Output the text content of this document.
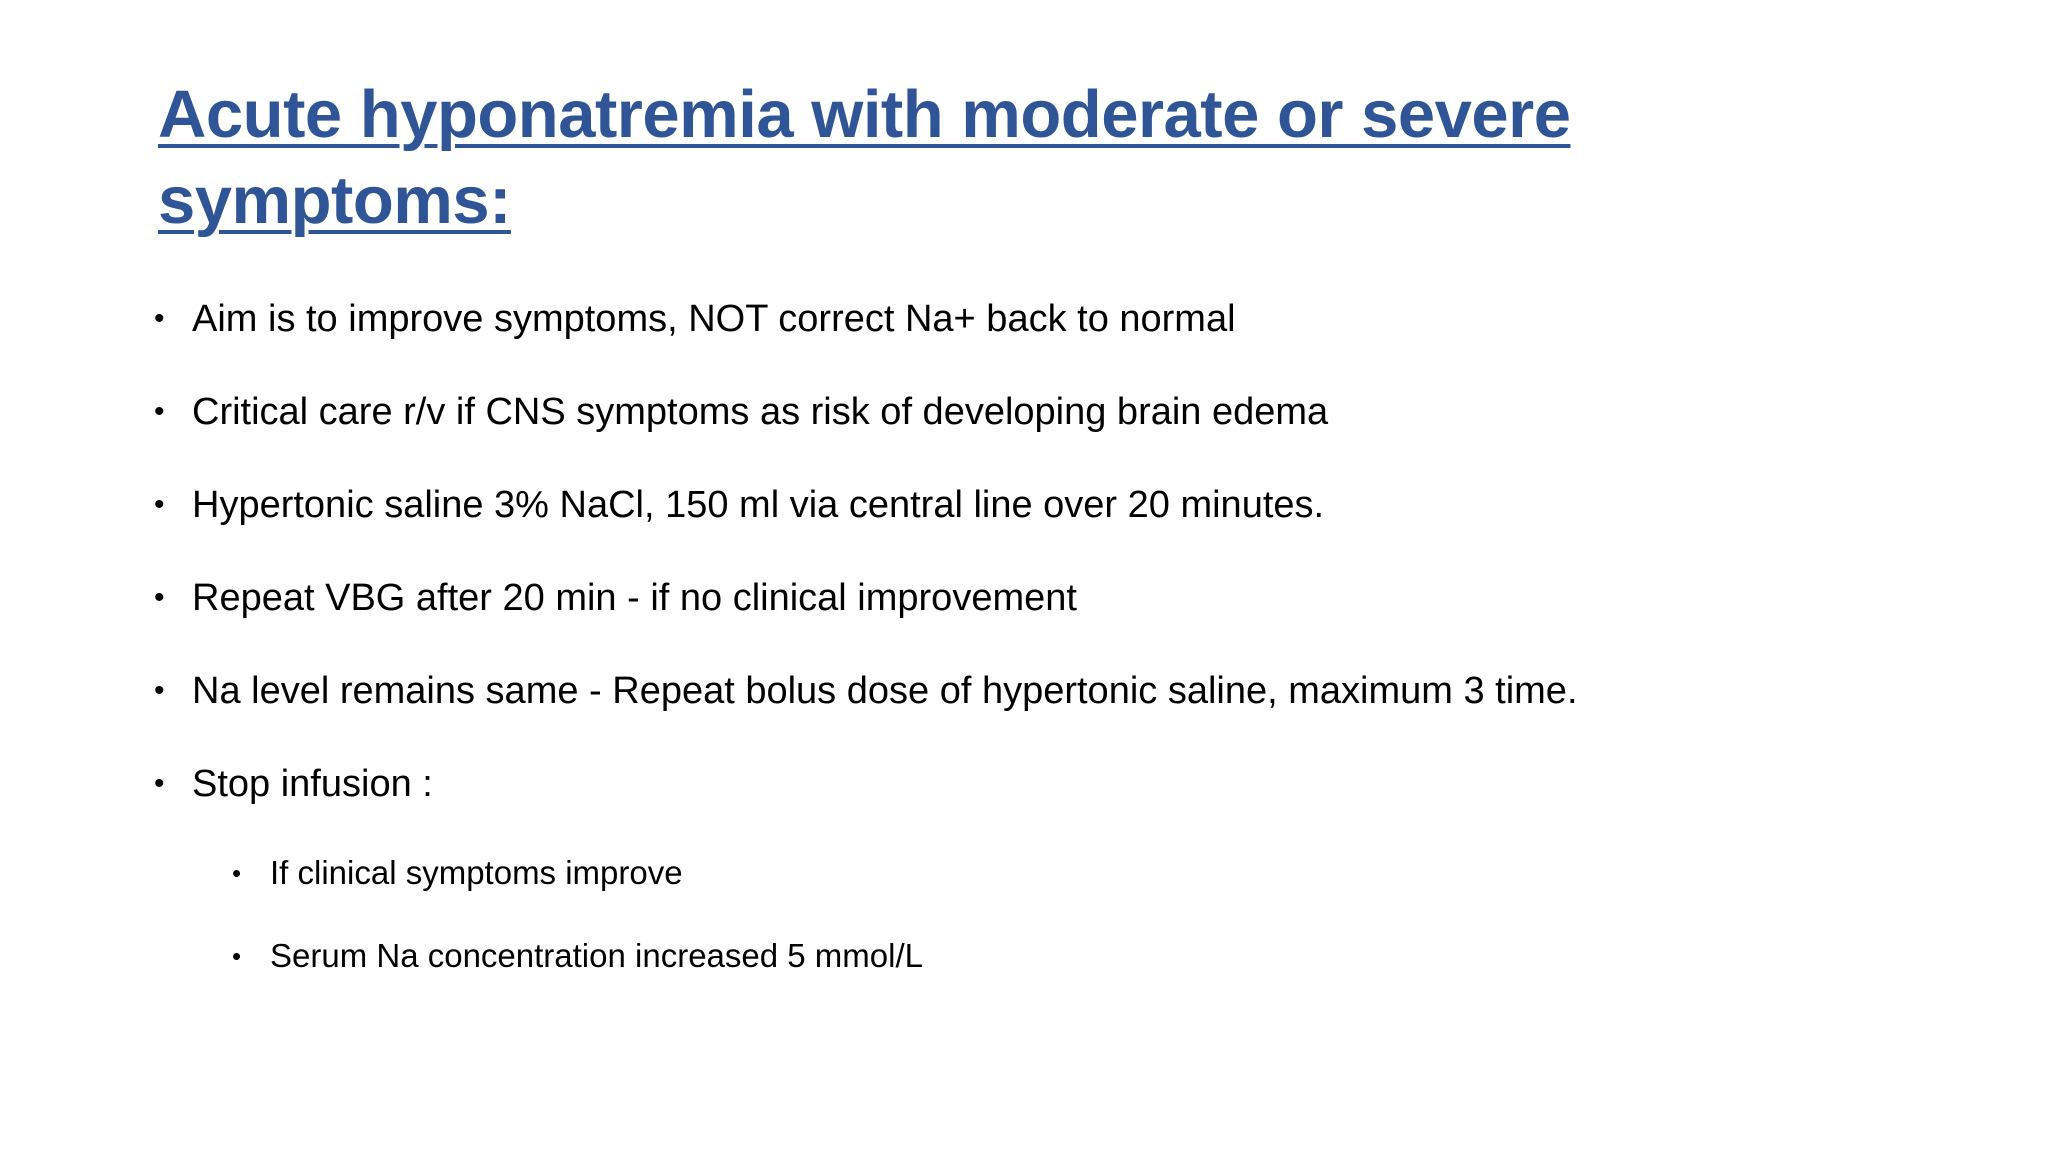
Acute hyponatremia with moderate or severe symptoms:
• Aim is to improve symptoms, NOT correct Na+ back to normal
• Critical care r/v if CNS symptoms as risk of developing brain edema
• Hypertonic saline 3% NaCl, 150 ml via central line over 20 minutes.
• Repeat VBG after 20 min - if no clinical improvement
• Na level remains same - Repeat bolus dose of hypertonic saline, maximum 3 time.
• Stop infusion :
• If clinical symptoms improve
• Serum Na concentration increased 5 mmol/L
